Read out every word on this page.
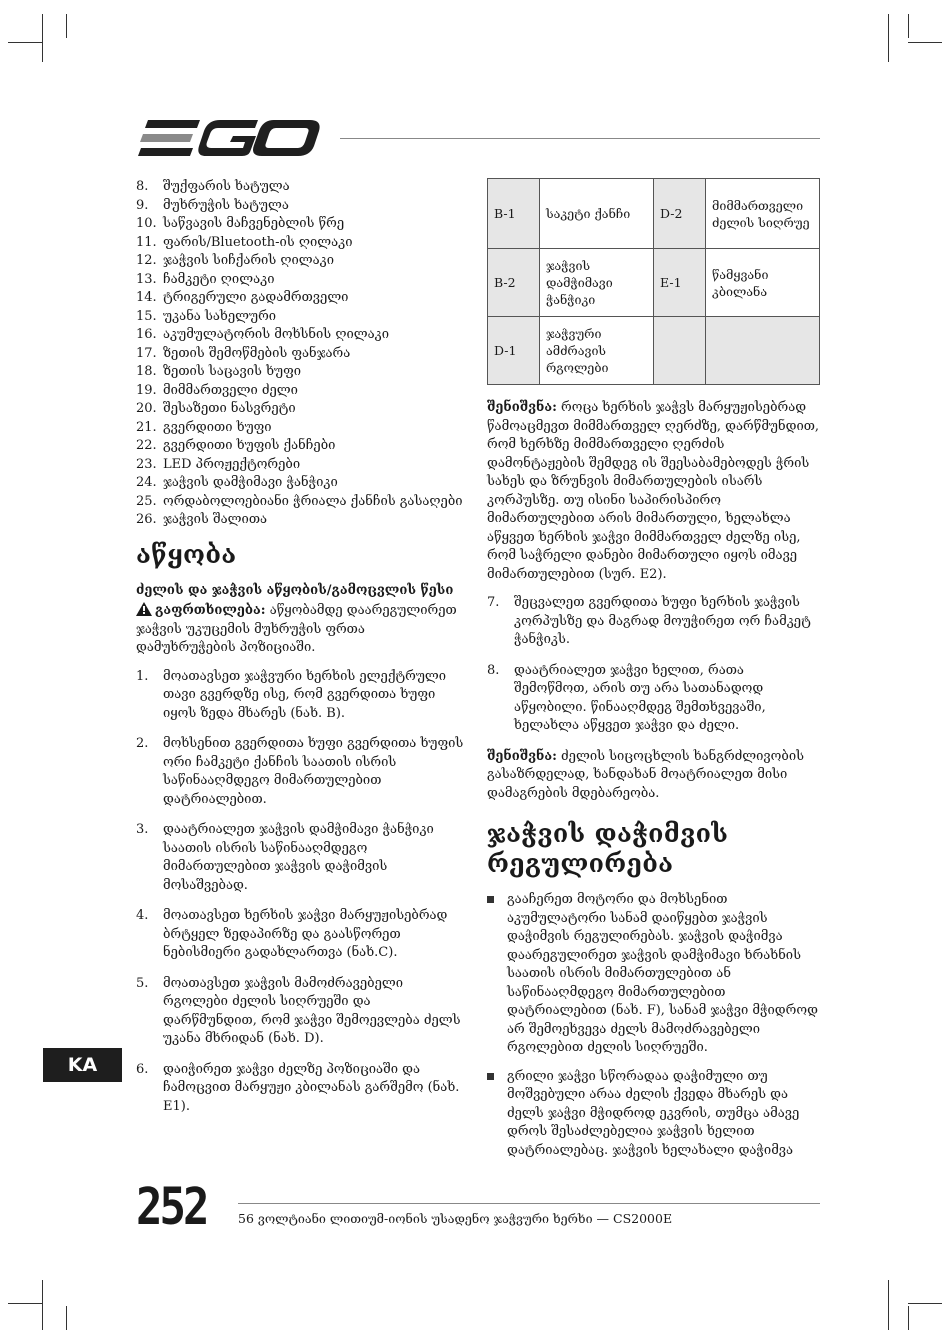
8.	შუქფარის ხატულა
9.	მუხრუჭის ხატულა
10. საწვავის მაჩვენებლის წრე
11. ფარის/Bluetooth-ის ღილაკი
12. ჯაჭვის სიჩქარის ღილაკი
13. ჩამკეტი ღილაკი
14. ტრიგერული გადამრთველი
15. უკანა სახელური
16. აკუმულატორის მოხსნის ღილაკი
17. ზეთის შემოწმების ფანჯარა
18. ზეთის საცავის ხუფი
19. მიმმართველი ძელი
20. შესაზეთი ნასვრეტი
21. გვერდითი ხუფი
22. გვერდითი ხუფის ქანჩები
23. LED პროჟექტორები
24. ჯაჭვის დამჭიმავი ჭანჭიკი
25. ორდაბოლოებიანი ჭრიალა ქანჩის გასაღები
26. ჯაჭვის შალითა
აწყობა
ძელის და ჯაჭვის აწყობის/გამოცვლის წესი

გაფრთხილება: აწყობამდე დაარეგულირეთ ჯაჭვის უკუცემის მუხრუჭის ფრთა დამუხრუჭების პოზიციაში.

1.	მოათავსეთ ჯაჭვური ხერხის ელექტრული თავი გვერდზე ისე, რომ გვერდითა ხუფი იყოს ზედა მხარეს (ნახ. B).
2.	მოხსენით გვერდითა ხუფი გვერდითა ხუფის ორი ჩამკეტი ქანჩის საათის ისრის საწინააღმდეგო მიმართულებით დატრიალებით.
3.	დაატრიალეთ ჯაჭვის დამჭიმავი ჭანჭიკი საათის ისრის საწინააღმდეგო მიმართულებით ჯაჭვის დაჭიმვის მოსაშვებად.
4.	მოათავსეთ ხერხის ჯაჭვი მარყუჟისებრად ბრტყელ ზედაპირზე და გაასწორეთ ნებისმიერი გადახლართვა (ნახ.C).
5.	მოათავსეთ ჯაჭვის მამოძრავებელი რგოლები ძელის სიღრუეში და დარწმუნდით, რომ ჯაჭვი შემოევლება ძელს უკანა მხრიდან (ნახ. D).
6.	დაიჭირეთ ჯაჭვი ძელზე პოზიციაში და ჩამოცვით მარყუჟი კბილანას გარშემო (ნახ. E1).
B-1	საკეტი ქანჩი	D-2	მიმმართველი ძელის სიღრუე
B-2	ჯაჭვის დამჭიმავი ჭანჭიკი	E-1	წამყვანი კბილანა
D-1	ჯაჭვური ამძრავის რგოლები		

შენიშვნა: როცა ხერხის ჯაჭვს მარყუჟისებრად წამოაცმევთ მიმმართველ ღერძზე, დარწმუნდით, რომ ხერხზე მიმმართველი ღერძის დამონტაჟების შემდეგ ის შეესაბამებოდეს ჭრის სახეს და ზრუნვის მიმართულების ისარს კორპუსზე. თუ ისინი საპირისპირო მიმართულებით არის მიმართული, ხელახლა აწყვეთ ხერხის ჯაჭვი მიმმართველ ძელზე ისე, რომ საჭრელი დანები მიმართული იყოს იმავე მიმართულებით (სურ. E2).

7.	შეცვალეთ გვერდითა ხუფი ხერხის ჯაჭვის კორპუსზე და მაგრად მოუჭირეთ ორ ჩამკეტ ჭანჭიკს.
8.	დაატრიალეთ ჯაჭვი ხელით, რათა შემოწმოთ, არის თუ არა სათანადოდ აწყობილი. წინააღმდეგ შემთხვევაში, ხელახლა აწყვეთ ჯაჭვი და ძელი.

შენიშვნა: ძელის სიცოცხლის ხანგრძლივობის გასაზრდელად, ხანდახან მოატრიალეთ მისი დამაგრების მდებარეობა.

ჯაჭვის დაჭიმვის რეგულირება
გააჩერეთ მოტორი და მოხსენით აკუმულატორი სანამ დაიწყებთ ჯაჭვის დაჭიმვის რეგულირებას. ჯაჭვის დაჭიმვა დაარეგულირეთ ჯაჭვის დამჭიმავი ხრახნის საათის ისრის მიმართულებით ან საწინააღმდეგო მიმართულებით დატრიალებით (ნახ. F), სანამ ჯაჭვი მჭიდროდ არ შემოეხვევა ძელს მამოძრავებელი რგოლებით ძელის სიღრუეში.
გრილი ჯაჭვი სწორადაა დაჭიმული თუ მოშვებული არაა ძელის ქვედა მხარეს და ძელს ჯაჭვი მჭიდროდ ეკვრის, თუმცა ამავე დროს შესაძლებელია ჯაჭვის ხელით დატრიალებაც. ჯაჭვის ხელახალი დაჭიმვა
KA
252	56 ვოლტიანი ლითიუმ-იონის უსადენო ჯაჭვური ხერხი — CS2000E
